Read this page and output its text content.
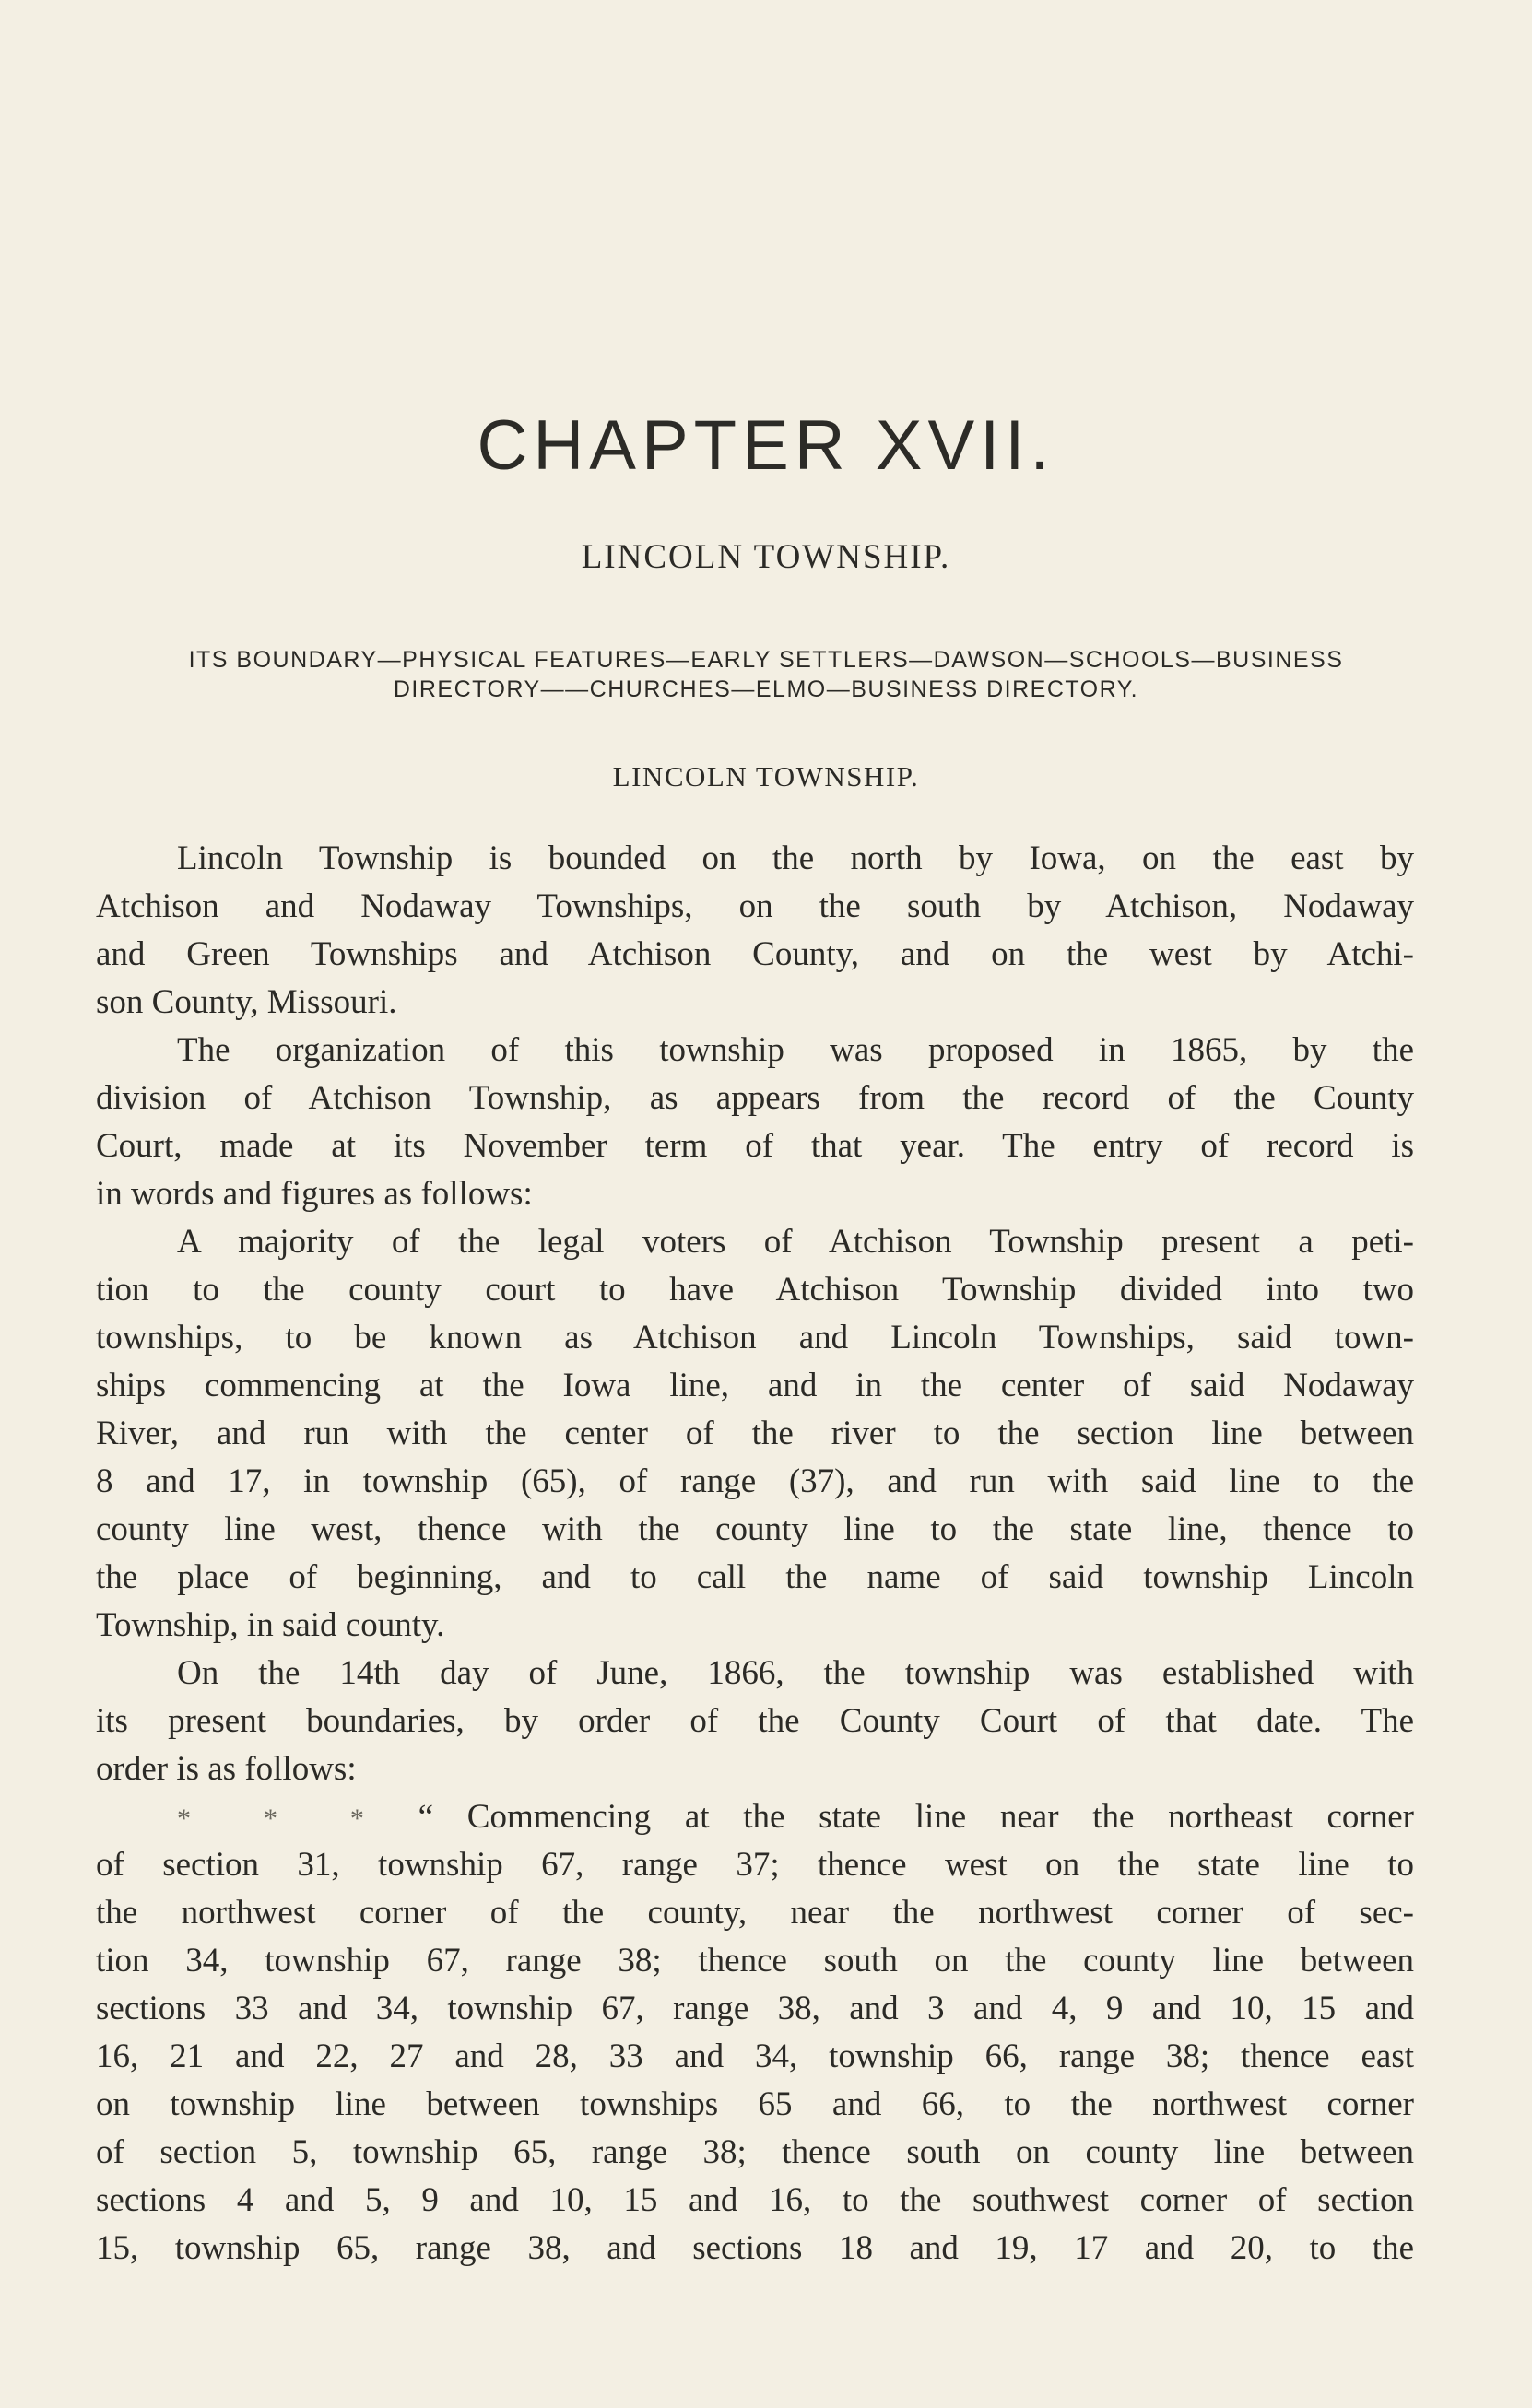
CHAPTER XVII.
LINCOLN TOWNSHIP.
ITS BOUNDARY—PHYSICAL FEATURES—EARLY SETTLERS—DAWSON—SCHOOLS—BUSINESS
DIRECTORY——CHURCHES—ELMO—BUSINESS DIRECTORY.
LINCOLN TOWNSHIP.
Lincoln Township is bounded on the north by Iowa, on the east by
Atchison and Nodaway Townships, on the south by Atchison, Nodaway
and Green Townships and Atchison County, and on the west by Atchi-
son County, Missouri.
The organization of this township was proposed in 1865, by the
division of Atchison Township, as appears from the record of the County
Court, made at its November term of that year. The entry of record is
in words and figures as follows:
A majority of the legal voters of Atchison Township present a peti-
tion to the county court to have Atchison Township divided into two
townships, to be known as Atchison and Lincoln Townships, said town-
ships commencing at the Iowa line, and in the center of said Nodaway
River, and run with the center of the river to the section line between
8 and 17, in township (65), of range (37), and run with said line to the
county line west, thence with the county line to the state line, thence to
the place of beginning, and to call the name of said township Lincoln
Township, in said county.
On the 14th day of June, 1866, the township was established with
its present boundaries, by order of the County Court of that date. The
order is as follows:
* * * “ Commencing at the state line near the northeast corner
of section 31, township 67, range 37; thence west on the state line to
the northwest corner of the county, near the northwest corner of sec-
tion 34, township 67, range 38; thence south on the county line between
sections 33 and 34, township 67, range 38, and 3 and 4, 9 and 10, 15 and
16, 21 and 22, 27 and 28, 33 and 34, township 66, range 38; thence east
on township line between townships 65 and 66, to the northwest corner
of section 5, township 65, range 38; thence south on county line between
sections 4 and 5, 9 and 10, 15 and 16, to the southwest corner of section
15, township 65, range 38, and sections 18 and 19, 17 and 20, to the
